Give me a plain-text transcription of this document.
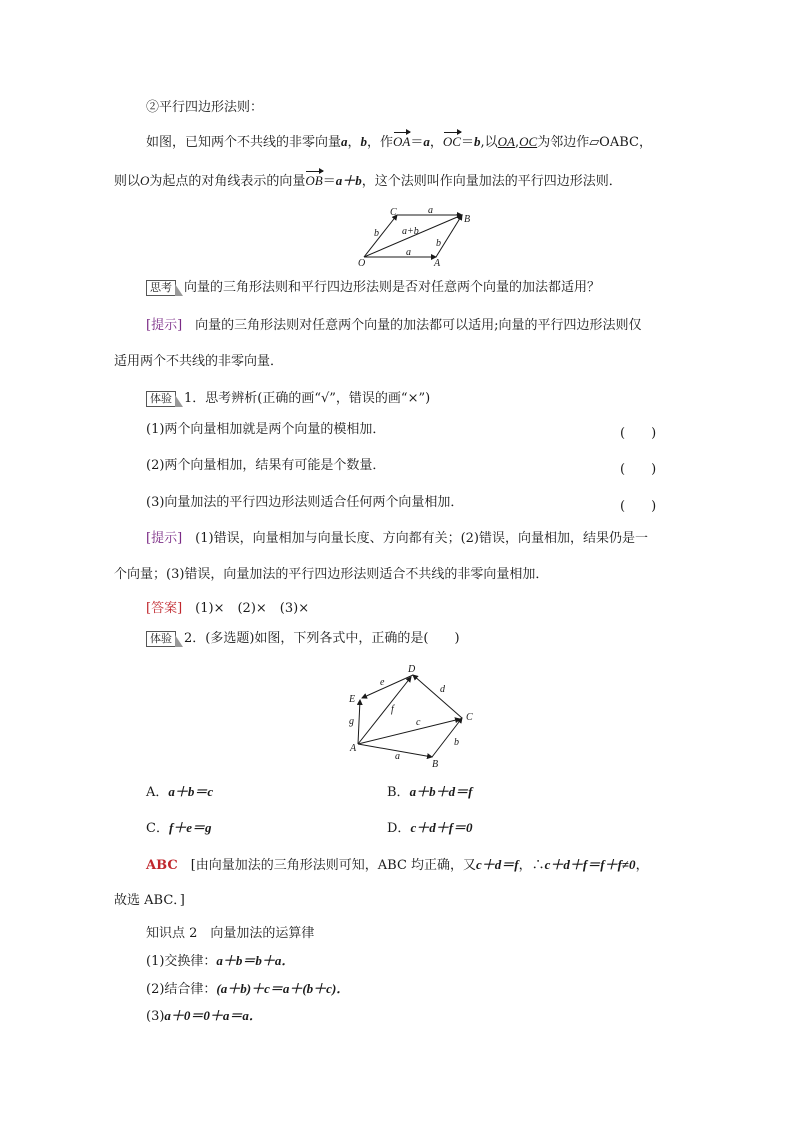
②平行四边形法则：
如图，已知两个不共线的非零向量a，b，作OA＝a，OC＝b,以OA,OC为邻边作▱OABC，
则以O为起点的对角线表示的向量OB＝a＋b，这个法则叫作向量加法的平行四边形法则．
C
B
O	A
a
a
b
b
a+b
思考 向量的三角形法则和平行四边形法则是否对任意两个向量的加法都适用？
[提示]　 向量的三角形法则对任意两个向量的加法都可以适用;向量的平行四边形法则仅
适用两个不共线的非零向量．
体验 1．思考辨析(正确的画“√”，错误的画“×”)
(1)两个向量相加就是两个向量的模相加．	(　　)
(2)两个向量相加，结果有可能是个数量．	(　　)
(3)向量加法的平行四边形法则适合任何两个向量相加．	(　　)
[提示]　 (1)错误，向量相加与向量长度、方向都有关；(2)错误，向量相加，结果仍是一
个向量；(3)错误，向量加法的平行四边形法则适合不共线的非零向量相加．
[答案]　 (1)×　(2)×　(3)×
体验 2．(多选题)如图，下列各式中，正确的是(　　)
D
E
C
A
B
e
d
g
f
c
a
b
A．a＋b＝c	B．a＋b＋d＝f
C．f＋e＝g	D．c＋d＋f＝0
ABC　 [由向量加法的三角形法则可知，ABC 均正确，又c＋d＝f，∴c＋d＋f＝f＋f≠0，
故选 ABC．]
知识点 2　向量加法的运算律
(1)交换律：a＋b＝b＋a．
(2)结合律：(a＋b)＋c＝a＋(b＋c)．
(3)a＋0＝0＋a＝a．
